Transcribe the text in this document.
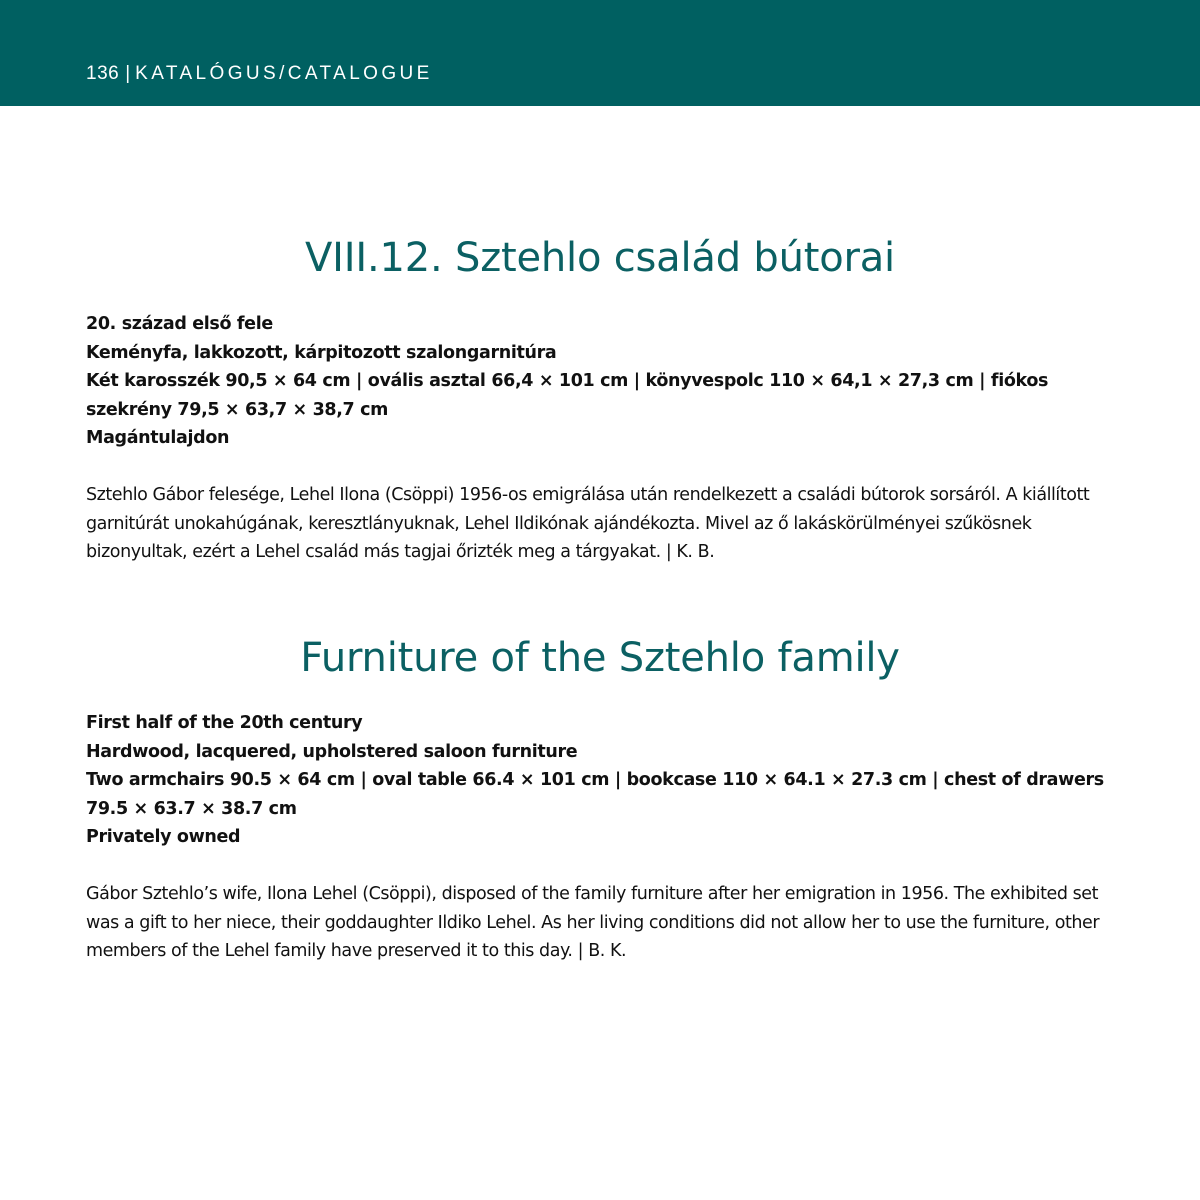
136 | KATALÓGUS/CATALOGUE
VIII.12. Sztehlo család bútorai
20. század első fele
Keményfa, lakkozott, kárpitozott szalongarnitúra
Két karosszék 90,5 × 64 cm | ovális asztal 66,4 × 101 cm | könyvespolc 110 × 64,1 × 27,3 cm | fiókos szekrény 79,5 × 63,7 × 38,7 cm
Magántulajdon

Sztehlo Gábor felesége, Lehel Ilona (Csöppi) 1956-os emigrálása után rendelkezett a családi bútorok sorsáról. A kiállított garnitúrát unokahúgának, keresztlányuknak, Lehel Ildikónak ajándékozta. Mivel az ő lakáskörülményei szűkösnek bizonyultak, ezért a Lehel család más tagjai őrizték meg a tárgyakat. | K. B.

Furniture of the Sztehlo family
First half of the 20th century
Hardwood, lacquered, upholstered saloon furniture
Two armchairs 90.5 × 64 cm | oval table 66.4 × 101 cm | bookcase 110 × 64.1 × 27.3 cm | chest of drawers 79.5 × 63.7 × 38.7 cm
Privately owned

Gábor Sztehlo’s wife, Ilona Lehel (Csöppi), disposed of the family furniture after her emigration in 1956. The exhibited set was a gift to her niece, their goddaughter Ildiko Lehel. As her living conditions did not allow her to use the furniture, other members of the Lehel family have preserved it to this day. | B. K.
